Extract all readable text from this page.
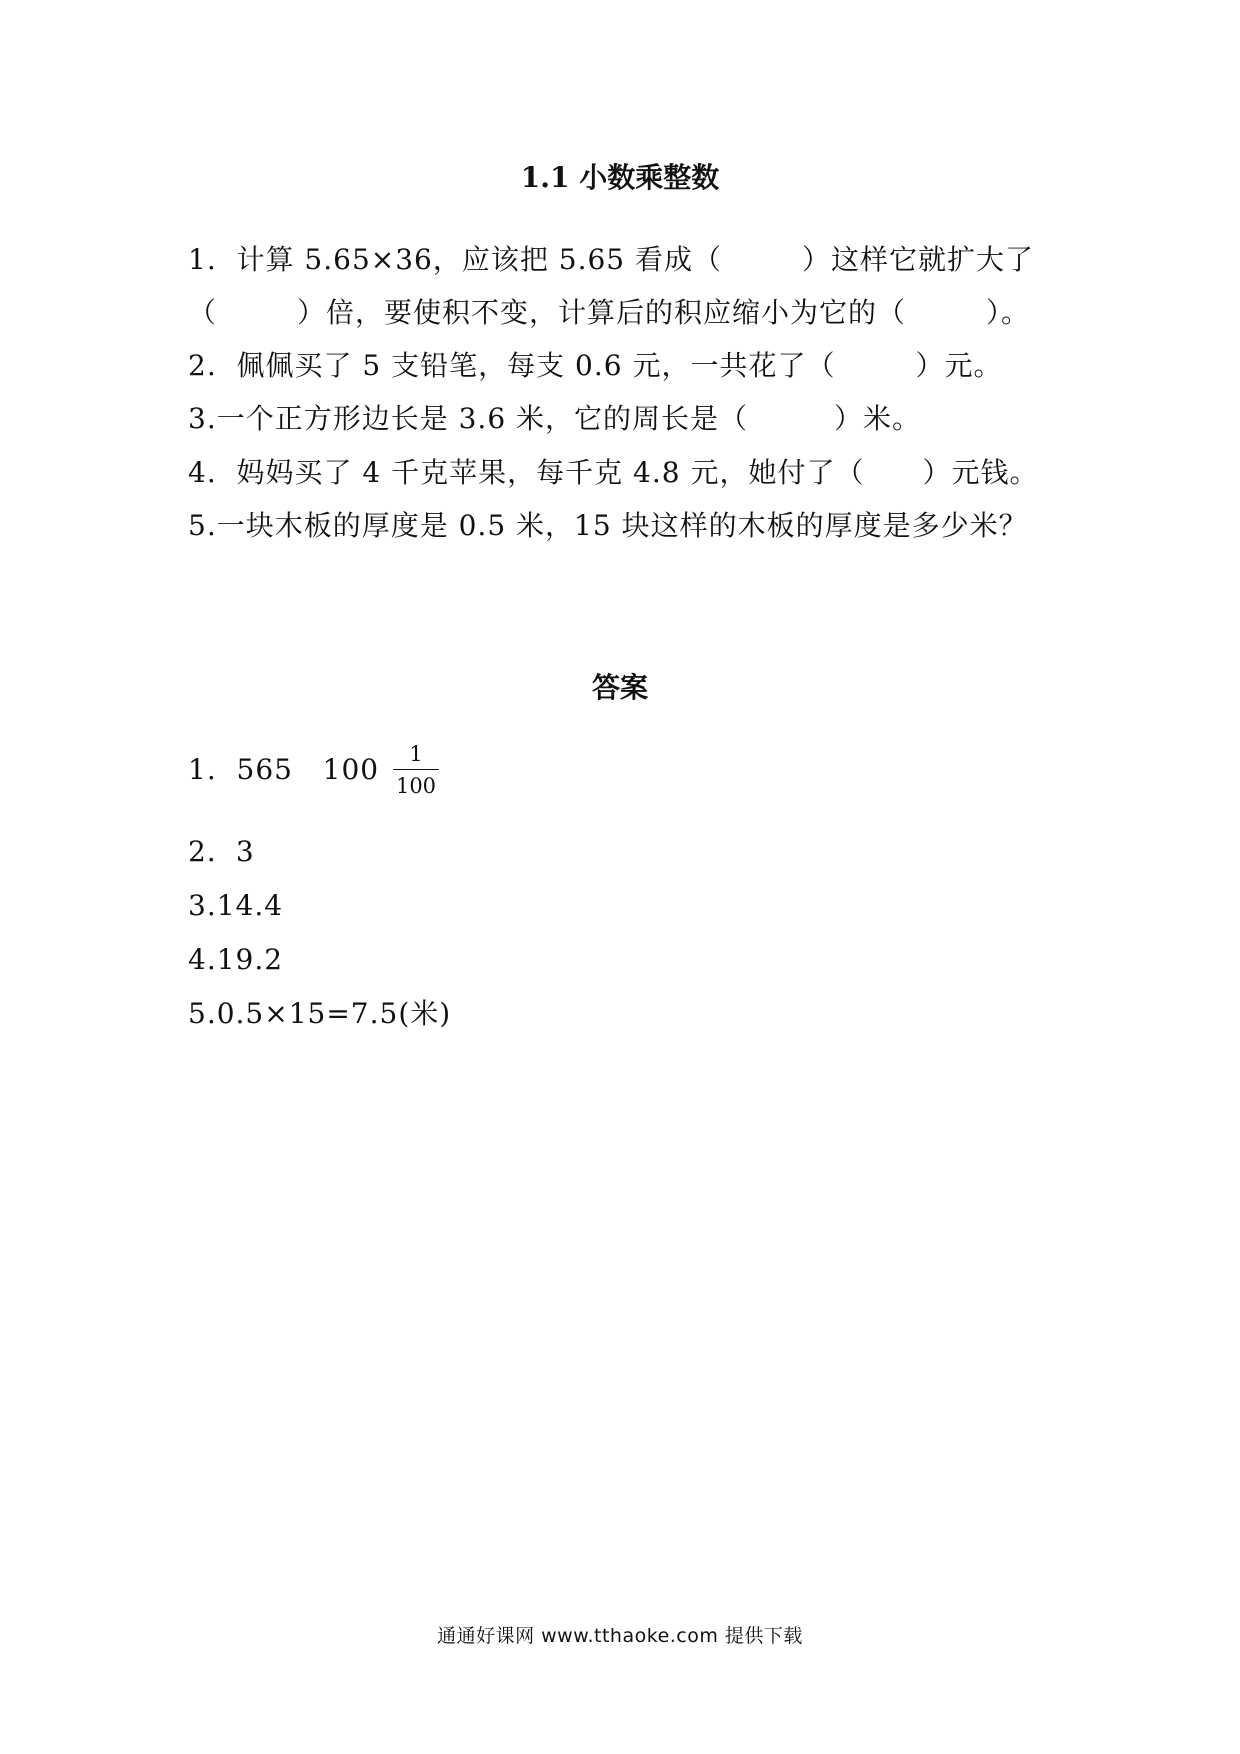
1.1 小数乘整数
1.  计算 5.65×36，应该把 5.65 看成（	）这样它就扩大了
（	）倍，要使积不变，计算后的积应缩小为它的（	）。
2.  佩佩买了 5 支铅笔，每支 0.6 元，一共花了（	）元。
3.一个正方形边长是 3.6 米，它的周长是（	）米。
4.  妈妈买了 4 千克苹果，每千克 4.8 元，她付了（ ）元钱。
5.一块木板的厚度是 0.5 米，15 块这样的木板的厚度是多少米？
答案
1.  565   100	1
100
2．3
3.14.4
4.19.2
5.0.5×15=7.5(米)
通通好课网 www.tthaoke.com 提供下载
